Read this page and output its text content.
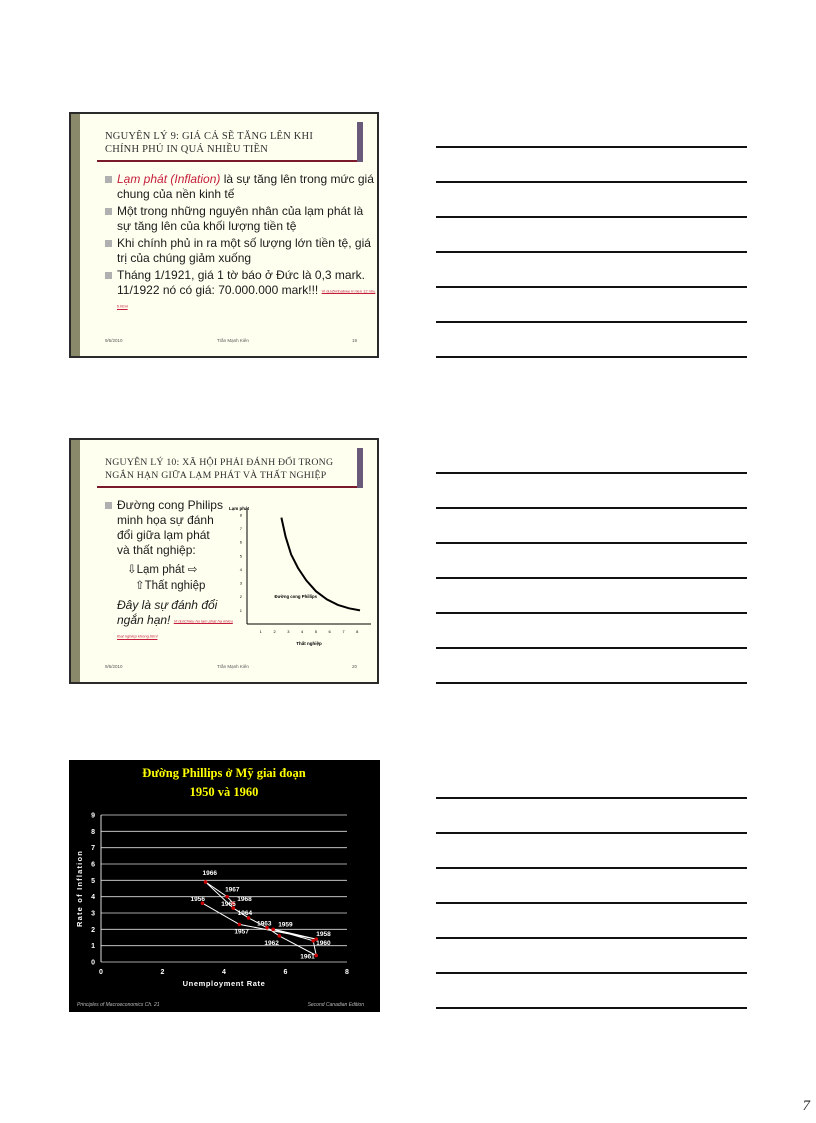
NGUYÊN LÝ 9: GIÁ CẢ SẼ TĂNG LÊN KHI
CHÍNH PHỦ IN QUÁ NHIỀU TIỀN
Lạm phát (Inflation) là sự tăng lên trong mức giá chung của nền kinh tế
Một trong những nguyên nhân của lạm phát là sự tăng lên của khối lượng tiền tệ
Khi chính phủ in ra một số lượng lớn tiền tệ, giá trị của chúng giảm xuống
Tháng 1/1921, giá 1 tờ báo ở Đức là 0,3 mark. 11/1922 nó có giá: 70.000.000 mark!!! Vi du\Zimbabwe in tien 12 nhu ti.html
9/5/2010	Trần Mạnh Kiên	19
NGUYÊN LÝ 10: XÃ HỘI PHẢI ĐÁNH ĐỔI TRONG
NGẮN HẠN GIỮA LẠM PHÁT VÀ THẤT NGHIỆP
Đường cong Philips minh họa sự đánh đổi giữa lạm phát và thất nghiệp:
⇩Lạm phát ⇨
⇧Thất nghiệp
Đây là sự đánh đổi ngắn hạn! Vi du\Chieu hu lam phat ha nhieu that nghiep khong.html
Lạm phát
Thất nghiệp
1
2
3
4
5
6
7
8
1	2	3	4	5	6	7	8
Đường cong Phillips
9/5/2010	Trần Mạnh Kiên	20
Đường Phillips ở Mỹ giai đoạn
1950 và 1960
0
1
2
3
4
5
6
7
8
9
0	2	4	6	8
Unemployment Rate
Rate of Inflation	1956
1957	1958
1959
1960
1961
1962
1963
1964
1965
1966
1967
1968
Principles of Macroeconomics Ch. 21	Second Canadian Edition
7
